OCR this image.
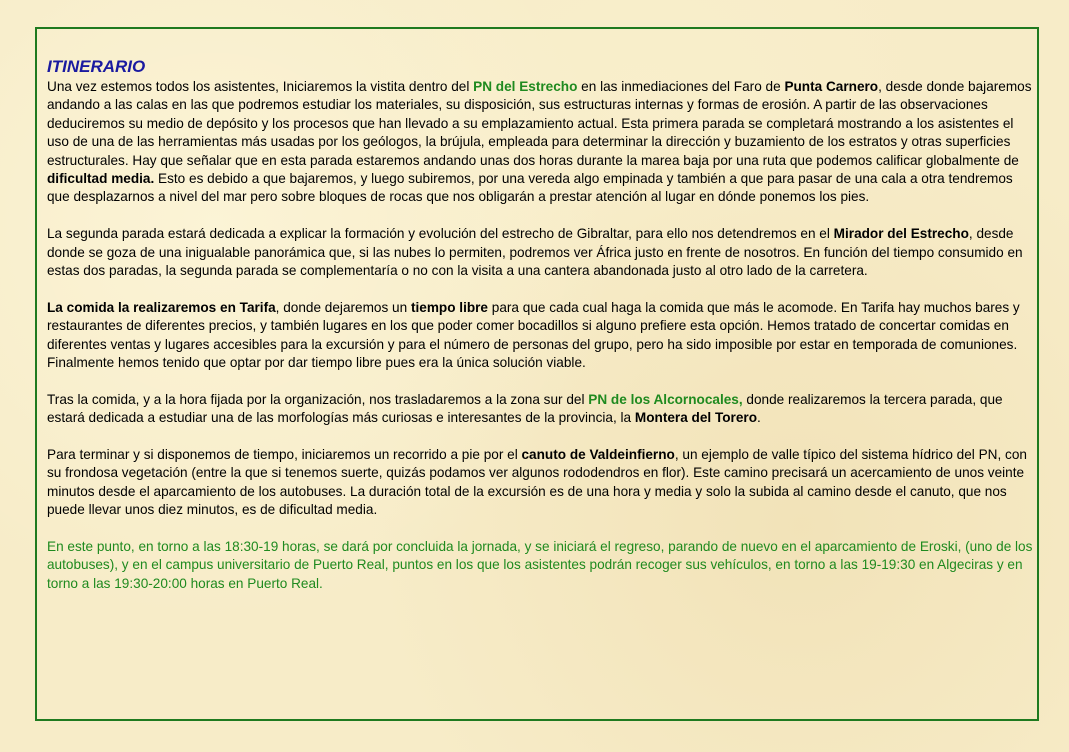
ITINERARIO

Una vez estemos todos los asistentes, Iniciaremos la vistita dentro del PN del Estrecho en las inmediaciones del Faro de Punta Carnero, desde donde bajaremos andando a las calas en las que podremos estudiar los materiales, su disposición, sus estructuras internas y formas de erosión. A partir de las observaciones deduciremos su medio de depósito y los procesos que han llevado a su emplazamiento actual. Esta primera parada se completará mostrando a los asistentes el uso de una de las herramientas más usadas por los geólogos, la brújula, empleada para determinar la dirección y buzamiento de los estratos y otras superficies estructurales. Hay que señalar que en esta parada estaremos andando unas dos horas durante la marea baja por una ruta que podemos calificar globalmente de dificultad media. Esto es debido a que bajaremos, y luego subiremos, por una vereda algo empinada y también a que para pasar de una cala a otra tendremos que desplazarnos a nivel del mar pero sobre bloques de rocas que nos obligarán a prestar atención al lugar en dónde ponemos los pies.

La segunda parada estará dedicada a explicar la formación y evolución del estrecho de Gibraltar, para ello nos detendremos en el Mirador del Estrecho, desde donde se goza de una inigualable panorámica que, si las nubes lo permiten, podremos ver África justo en frente de nosotros. En función del tiempo consumido en estas dos paradas, la segunda parada se complementaría o no con la visita a una cantera abandonada justo al otro lado de la carretera.

La comida la realizaremos en Tarifa, donde dejaremos un tiempo libre para que cada cual haga la comida que más le acomode. En Tarifa hay muchos bares y restaurantes de diferentes precios, y también lugares en los que poder comer bocadillos si alguno prefiere esta opción. Hemos tratado de concertar comidas en diferentes ventas y lugares accesibles para la excursión y para el número de personas del grupo, pero ha sido imposible por estar en temporada de comuniones. Finalmente hemos tenido que optar por dar tiempo libre pues era la única solución viable.

Tras la comida, y a la hora fijada por la organización, nos trasladaremos a la zona sur del PN de los Alcornocales, donde realizaremos la tercera parada, que estará dedicada a estudiar una de las morfologías más curiosas e interesantes de la provincia, la Montera del Torero.

Para terminar y si disponemos de tiempo, iniciaremos un recorrido a pie por el canuto de Valdeinfierno, un ejemplo de valle típico del sistema hídrico del PN, con su frondosa vegetación (entre la que si tenemos suerte, quizás podamos ver algunos rododendros en flor). Este camino precisará un acercamiento de unos veinte minutos desde el aparcamiento de los autobuses. La duración total de la excursión es de una hora y media y solo la subida al camino desde el canuto, que nos puede llevar unos diez minutos, es de dificultad media.

En este punto, en torno a las 18:30-19 horas, se dará por concluida la jornada, y se iniciará el regreso, parando de nuevo en el aparcamiento de Eroski, (uno de los autobuses), y en el campus universitario de Puerto Real, puntos en los que los asistentes podrán recoger sus vehículos, en torno a las 19-19:30 en Algeciras y en torno a las 19:30-20:00 horas en Puerto Real.
